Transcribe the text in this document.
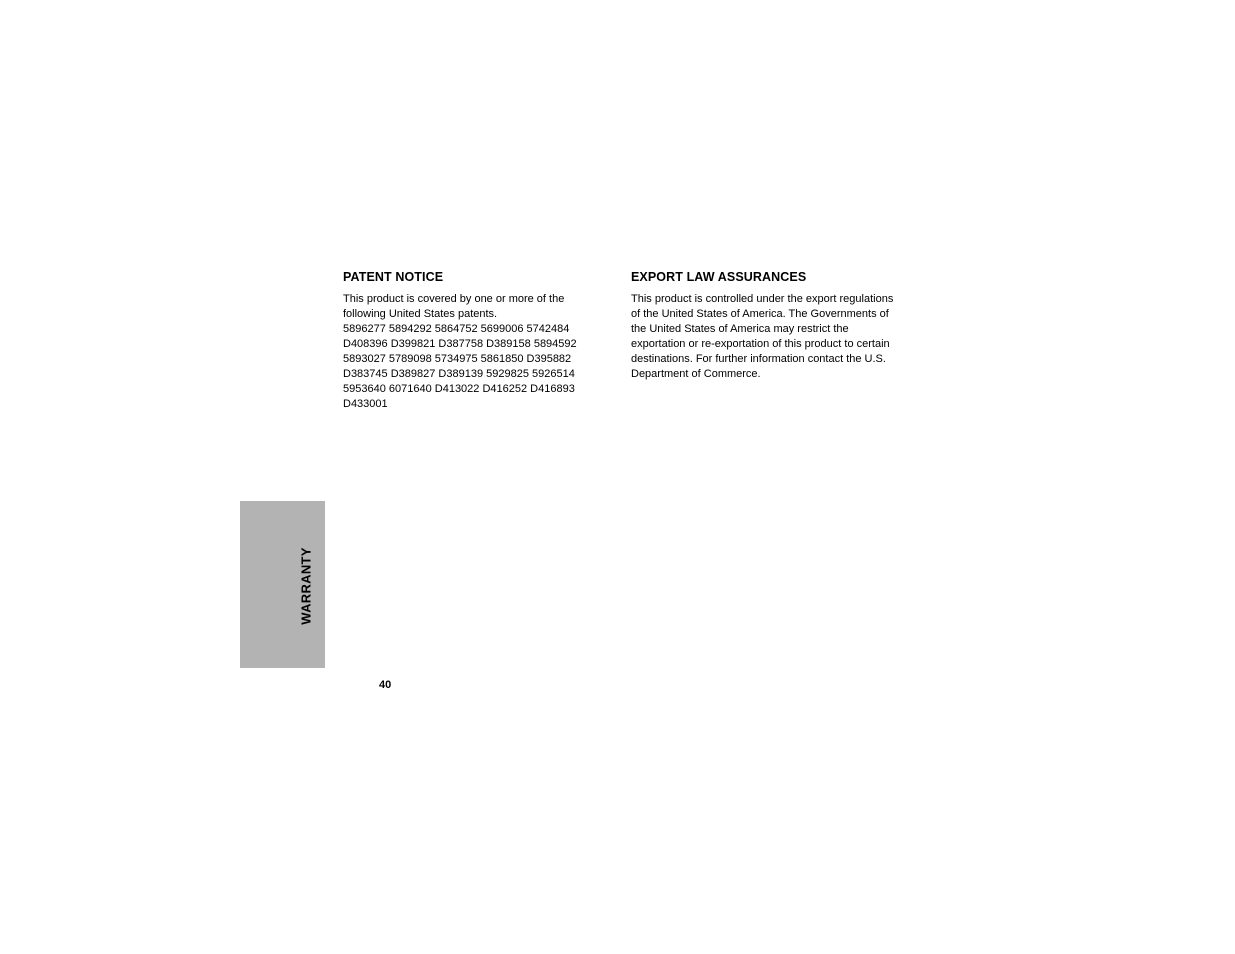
PATENT NOTICE

This product is covered by one or more of the following United States patents.

5896277 5894292 5864752 5699006 5742484
D408396 D399821 D387758 D389158 5894592
5893027 5789098 5734975 5861850 D395882
D383745 D389827 D389139 5929825 5926514
5953640 6071640 D413022 D416252 D416893
D433001
EXPORT LAW ASSURANCES

This product is controlled under the export regulations of the United States of America. The Governments of the United States of America may restrict the exportation or re-exportation of this product to certain destinations. For further information contact the U.S. Department of Commerce.

WARRANTY
40
